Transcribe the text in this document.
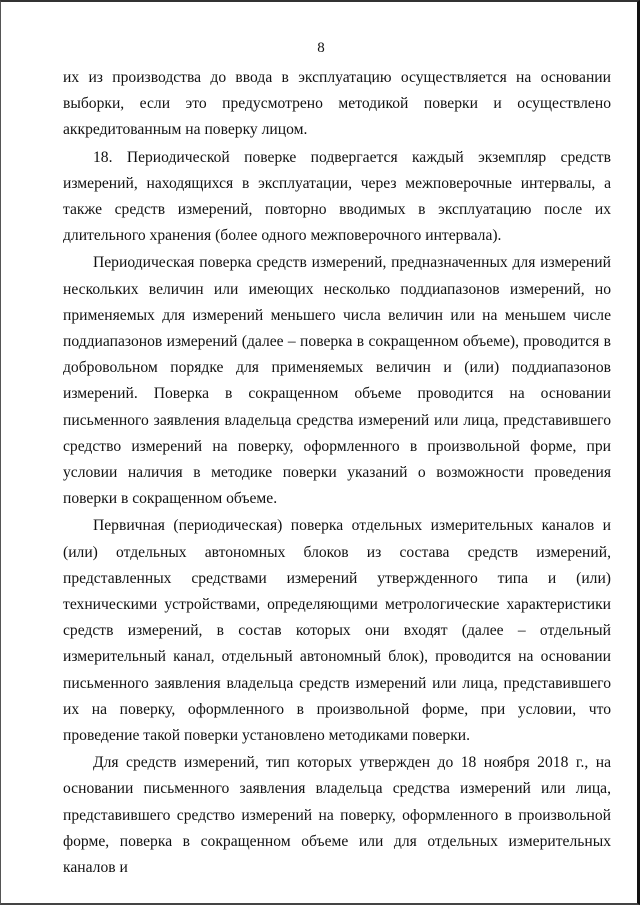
8

их из производства до ввода в эксплуатацию осуществляется на основании выборки, если это предусмотрено методикой поверки и осуществлено аккредитованным на поверку лицом.

18. Периодической поверке подвергается каждый экземпляр средств измерений, находящихся в эксплуатации, через межповерочные интервалы, а также средств измерений, повторно вводимых в эксплуатацию после их длительного хранения (более одного межповерочного интервала).

Периодическая поверка средств измерений, предназначенных для измерений нескольких величин или имеющих несколько поддиапазонов измерений, но применяемых для измерений меньшего числа величин или на меньшем числе поддиапазонов измерений (далее – поверка в сокращенном объеме), проводится в добровольном порядке для применяемых величин и (или) поддиапазонов измерений. Поверка в сокращенном объеме проводится на основании письменного заявления владельца средства измерений или лица, представившего средство измерений на поверку, оформленного в произвольной форме, при условии наличия в методике поверки указаний о возможности проведения поверки в сокращенном объеме.

Первичная (периодическая) поверка отдельных измерительных каналов и (или) отдельных автономных блоков из состава средств измерений, представленных средствами измерений утвержденного типа и (или) техническими устройствами, определяющими метрологические характеристики средств измерений, в состав которых они входят (далее – отдельный измерительный канал, отдельный автономный блок), проводится на основании письменного заявления владельца средств измерений или лица, представившего их на поверку, оформленного в произвольной форме, при условии, что проведение такой поверки установлено методиками поверки.

Для средств измерений, тип которых утвержден до 18 ноября 2018 г., на основании письменного заявления владельца средства измерений или лица, представившего средство измерений на поверку, оформленного в произвольной форме, поверка в сокращенном объеме или для отдельных измерительных каналов и
